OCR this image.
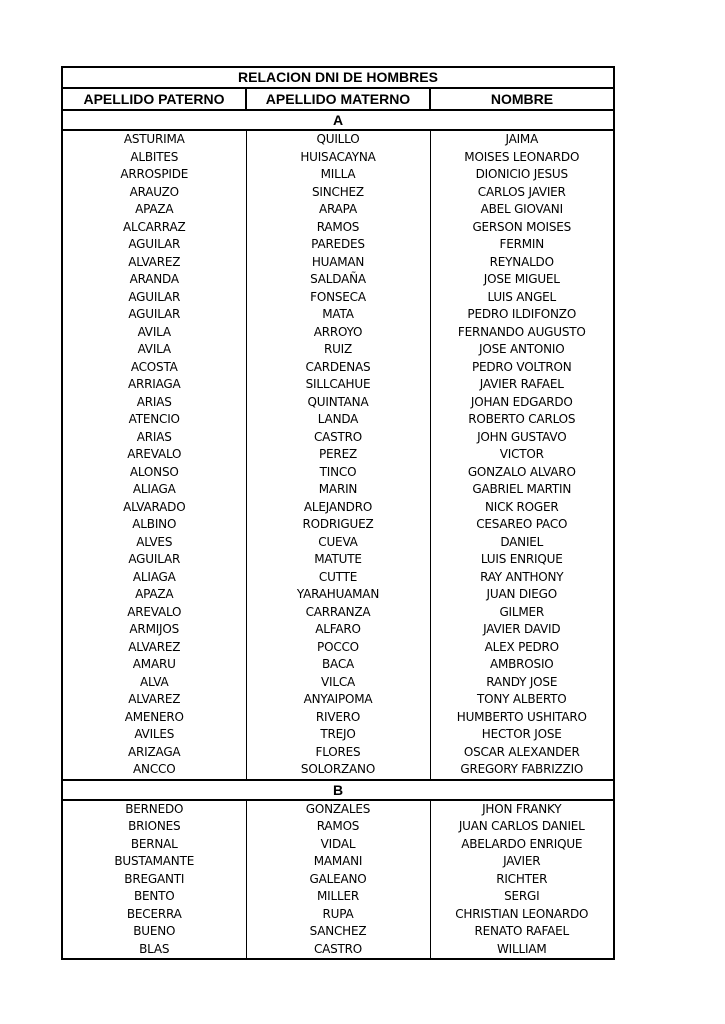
RELACION DNI DE HOMBRES		
APELLIDO PATERNO	APELLIDO MATERNO	NOMBRE
A		
ASTURIMA	QUILLO	JAIMA
ALBITES	HUISACAYNA	MOISES LEONARDO
ARROSPIDE	MILLA	DIONICIO JESUS
ARAUZO	SINCHEZ	CARLOS JAVIER
APAZA	ARAPA	ABEL GIOVANI
ALCARRAZ	RAMOS	GERSON MOISES
AGUILAR	PAREDES	FERMIN
ALVAREZ	HUAMAN	REYNALDO
ARANDA	SALDAÑA	JOSE MIGUEL
AGUILAR	FONSECA	LUIS ANGEL
AGUILAR	MATA	PEDRO ILDIFONZO
AVILA	ARROYO	FERNANDO AUGUSTO
AVILA	RUIZ	JOSE ANTONIO
ACOSTA	CARDENAS	PEDRO VOLTRON
ARRIAGA	SILLCAHUE	JAVIER RAFAEL
ARIAS	QUINTANA	JOHAN EDGARDO
ATENCIO	LANDA	ROBERTO CARLOS
ARIAS	CASTRO	JOHN GUSTAVO
AREVALO	PEREZ	VICTOR
ALONSO	TINCO	GONZALO ALVARO
ALIAGA	MARIN	GABRIEL MARTIN
ALVARADO	ALEJANDRO	NICK ROGER
ALBINO	RODRIGUEZ	CESAREO PACO
ALVES	CUEVA	DANIEL
AGUILAR	MATUTE	LUIS ENRIQUE
ALIAGA	CUTTE	RAY ANTHONY
APAZA	YARAHUAMAN	JUAN DIEGO
AREVALO	CARRANZA	GILMER
ARMIJOS	ALFARO	JAVIER DAVID
ALVAREZ	POCCO	ALEX PEDRO
AMARU	BACA	AMBROSIO
ALVA	VILCA	RANDY JOSE
ALVAREZ	ANYAIPOMA	TONY ALBERTO
AMENERO	RIVERO	HUMBERTO USHITARO
AVILES	TREJO	HECTOR JOSE
ARIZAGA	FLORES	OSCAR ALEXANDER
ANCCO	SOLORZANO	GREGORY FABRIZZIO
B		
BERNEDO	GONZALES	JHON FRANKY
BRIONES	RAMOS	JUAN CARLOS DANIEL
BERNAL	VIDAL	ABELARDO ENRIQUE
BUSTAMANTE	MAMANI	JAVIER
BREGANTI	GALEANO	RICHTER
BENTO	MILLER	SERGI
BECERRA	RUPA	CHRISTIAN LEONARDO
BUENO	SANCHEZ	RENATO RAFAEL
BLAS	CASTRO	WILLIAM
